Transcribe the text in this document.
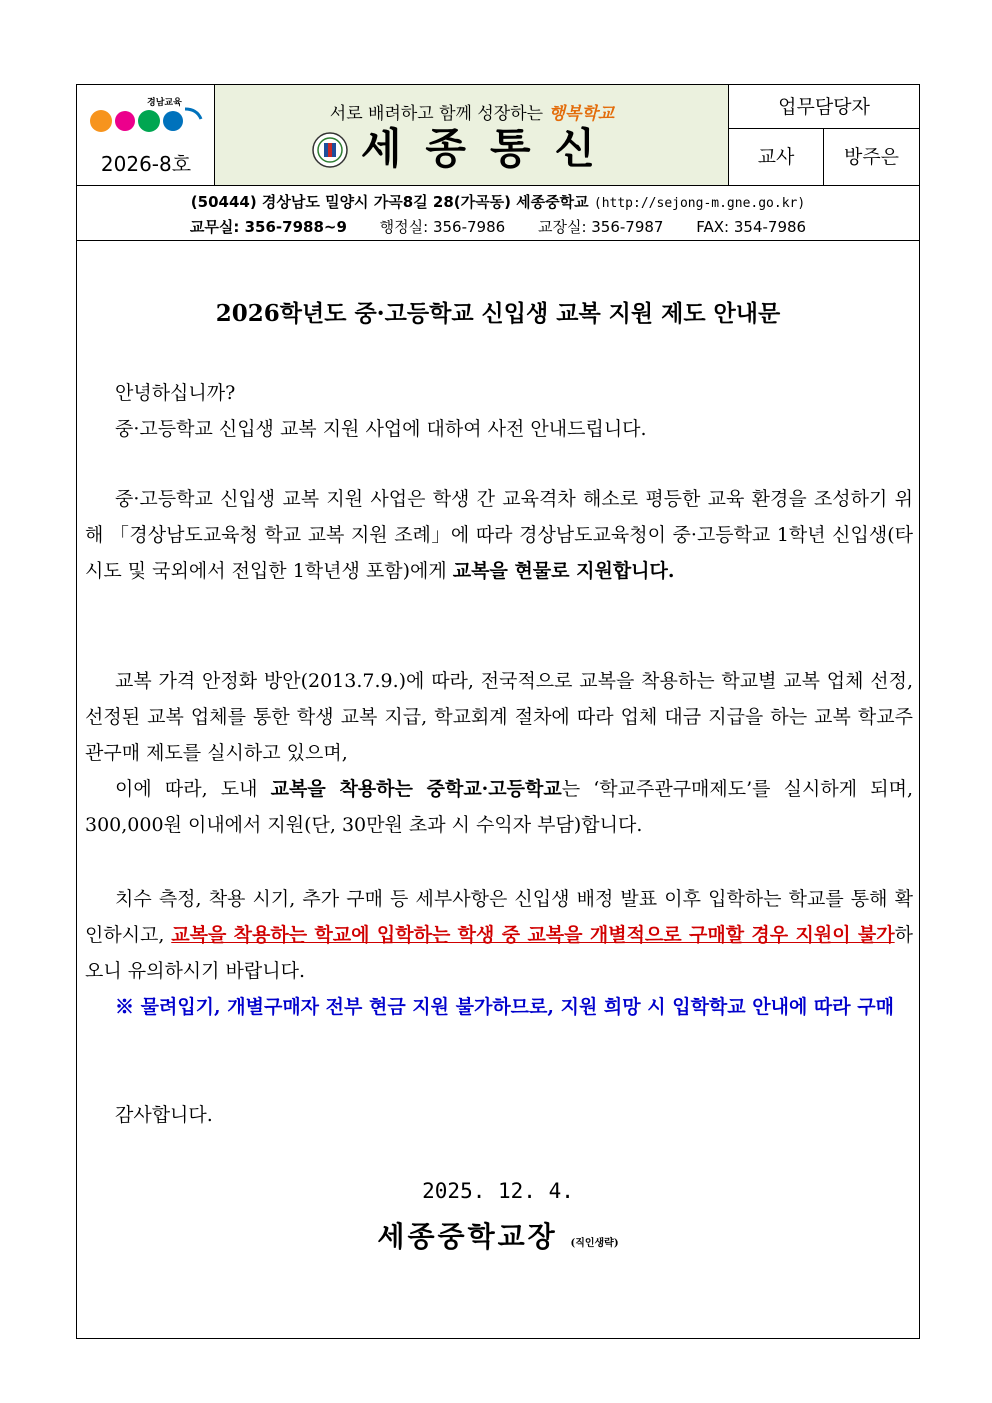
경남교육
2026-8호
서로 배려하고 함께 성장하는 행복학교
세종통신
업무담당자
교사	방주은
(50444) 경상남도 밀양시 가곡8길 28(가곡동) 세종중학교 (http://sejong-m.gne.go.kr)
교무실: 356-7988~9 행정실: 356-7986 교장실: 356-7987 FAX: 354-7986
2026학년도 중·고등학교 신입생 교복 지원 제도 안내문
안녕하십니까?
중·고등학교 신입생 교복 지원 사업에 대하여 사전 안내드립니다.
중·고등학교 신입생 교복 지원 사업은 학생 간 교육격차 해소로 평등한 교육 환경을 조성하기 위해 「경상남도교육청 학교 교복 지원 조례」에 따라 경상남도교육청이 중·고등학교 1학년 신입생(타 시도 및 국외에서 전입한 1학년생 포함)에게 교복을 현물로 지원합니다.
교복 가격 안정화 방안(2013.7.9.)에 따라, 전국적으로 교복을 착용하는 학교별 교복 업체 선정, 선정된 교복 업체를 통한 학생 교복 지급, 학교회계 절차에 따라 업체 대금 지급을 하는 교복 학교주관구매 제도를 실시하고 있으며,
이에 따라, 도내 교복을 착용하는 중학교·고등학교는 ‘학교주관구매제도’를 실시하게 되며, 300,000원 이내에서 지원(단, 30만원 초과 시 수익자 부담)합니다.
치수 측정, 착용 시기, 추가 구매 등 세부사항은 신입생 배정 발표 이후 입학하는 학교를 통해 확인하시고, 교복을 착용하는 학교에 입학하는 학생 중 교복을 개별적으로 구매할 경우 지원이 불가하오니 유의하시기 바랍니다.
※ 물려입기, 개별구매자 전부 현금 지원 불가하므로, 지원 희망 시 입학학교 안내에 따라 구매
감사합니다.
2025. 12. 4.
세종중학교장 (직인생략)
